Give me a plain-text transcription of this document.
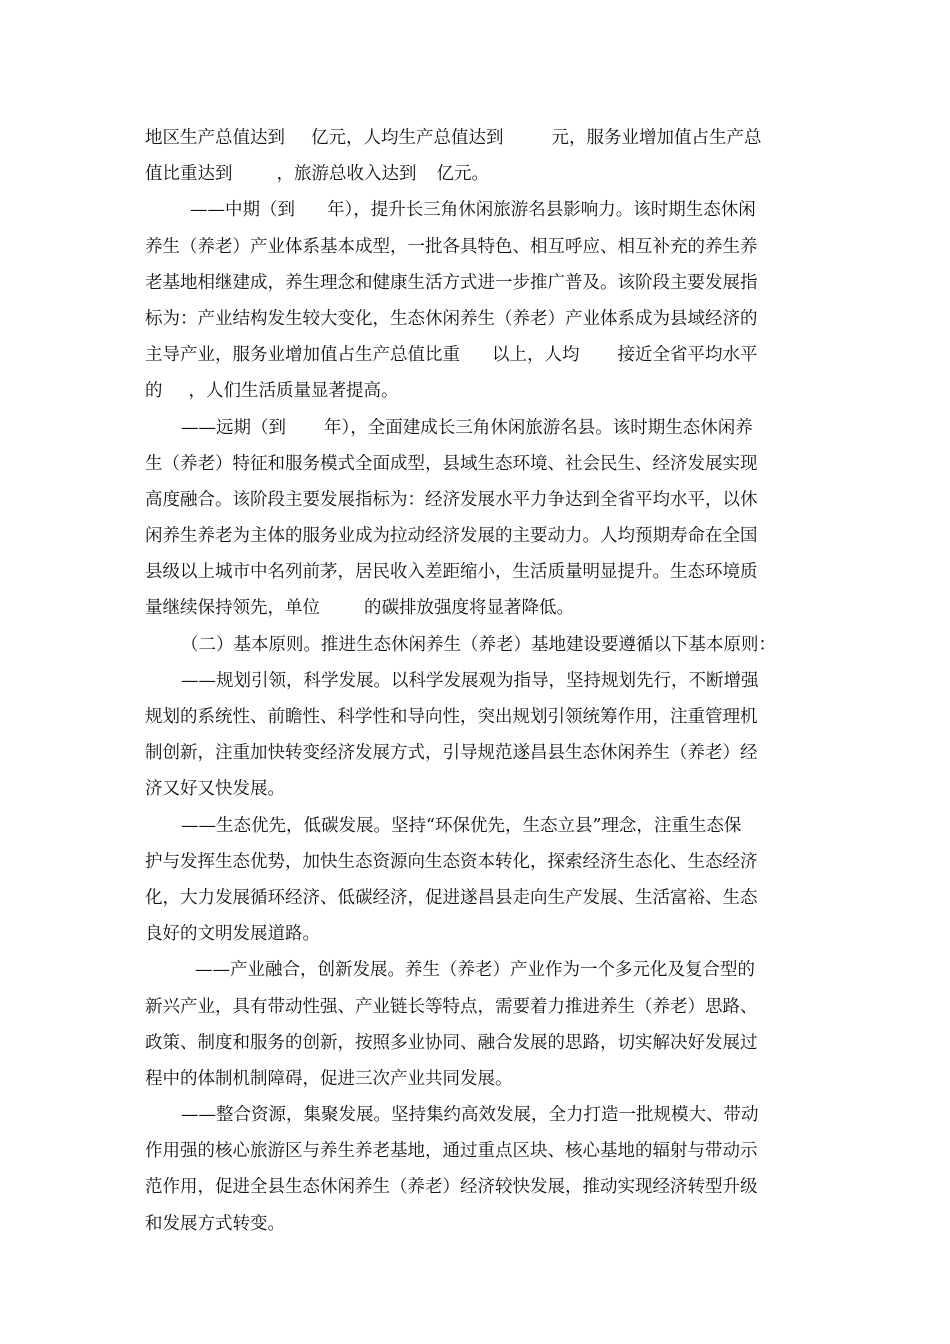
地区生产总值达到 亿元，人均生产总值达到	元，服务业增加值占生产总
值比重达到	，旅游总收入达到 亿元。
——中期（到 年），提升长三角休闲旅游名县影响力。该时期生态休闲
养生（养老）产业体系基本成型，一批各具特色、相互呼应、相互补充的养生养
老基地相继建成，养生理念和健康生活方式进一步推广普及。该阶段主要发展指
标为：产业结构发生较大变化，生态休闲养生（养老）产业体系成为县域经济的
主导产业，服务业增加值占生产总值比重 以上，人均 接近全省平均水平
的 ，人们生活质量显著提高。
——远期（到 年），全面建成长三角休闲旅游名县。该时期生态休闲养
生（养老）特征和服务模式全面成型，县域生态环境、社会民生、经济发展实现
高度融合。该阶段主要发展指标为：经济发展水平力争达到全省平均水平，以休
闲养生养老为主体的服务业成为拉动经济发展的主要动力。人均预期寿命在全国
县级以上城市中名列前茅，居民收入差距缩小，生活质量明显提升。生态环境质
量继续保持领先，单位	的碳排放强度将显著降低。
（二）基本原则。推进生态休闲养生（养老）基地建设要遵循以下基本原则：
——规划引领，科学发展。以科学发展观为指导，坚持规划先行，不断增强
规划的系统性、前瞻性、科学性和导向性，突出规划引领统筹作用，注重管理机
制创新，注重加快转变经济发展方式，引导规范遂昌县生态休闲养生（养老）经
济又好又快发展。
——生态优先，低碳发展。坚持“环保优先，生态立县”理念，注重生态保
护与发挥生态优势，加快生态资源向生态资本转化，探索经济生态化、生态经济
化，大力发展循环经济、低碳经济，促进遂昌县走向生产发展、生活富裕、生态
良好的文明发展道路。
——产业融合，创新发展。养生（养老）产业作为一个多元化及复合型的
新兴产业，具有带动性强、产业链长等特点，需要着力推进养生（养老）思路、
政策、制度和服务的创新，按照多业协同、融合发展的思路，切实解决好发展过
程中的体制机制障碍，促进三次产业共同发展。
——整合资源，集聚发展。坚持集约高效发展，全力打造一批规模大、带动
作用强的核心旅游区与养生养老基地，通过重点区块、核心基地的辐射与带动示
范作用，促进全县生态休闲养生（养老）经济较快发展，推动实现经济转型升级
和发展方式转变。
